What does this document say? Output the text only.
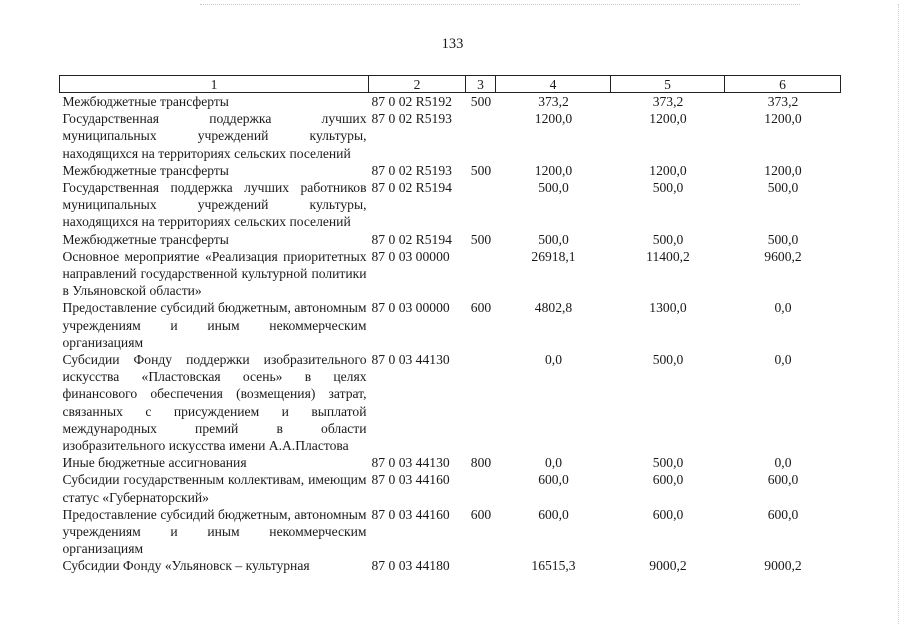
133
1	2	3	4	5	6
Межбюджетные трансферты	87 0 02 R5192	500	373,2	373,2	373,2
Государственная поддержка лучших муниципальных учреждений культуры, находящихся на территориях сельских поселений	87 0 02 R5193		1200,0	1200,0	1200,0
Межбюджетные трансферты	87 0 02 R5193	500	1200,0	1200,0	1200,0
Государственная поддержка лучших работников муниципальных учреждений культуры, находящихся на территориях сельских поселений	87 0 02 R5194		500,0	500,0	500,0
Межбюджетные трансферты	87 0 02 R5194	500	500,0	500,0	500,0
Основное мероприятие «Реализация приоритетных направлений государственной культурной политики в Ульяновской области»	87 0 03 00000		26918,1	11400,2	9600,2
Предоставление субсидий бюджетным, автономным учреждениям и иным некоммерческим организациям	87 0 03 00000	600	4802,8	1300,0	0,0
Субсидии Фонду поддержки изобразительного искусства «Пластовская осень» в целях финансового обеспечения (возмещения) затрат, связанных с присуждением и выплатой международных премий в области изобразительного искусства имени А.А.Пластова	87 0 03 44130		0,0	500,0	0,0
Иные бюджетные ассигнования	87 0 03 44130	800	0,0	500,0	0,0
Субсидии государственным коллективам, имеющим статус «Губернаторский»	87 0 03 44160		600,0	600,0	600,0
Предоставление субсидий бюджетным, автономным учреждениям и иным некоммерческим организациям	87 0 03 44160	600	600,0	600,0	600,0
Субсидии Фонду «Ульяновск – культурная	87 0 03 44180		16515,3	9000,2	9000,2
